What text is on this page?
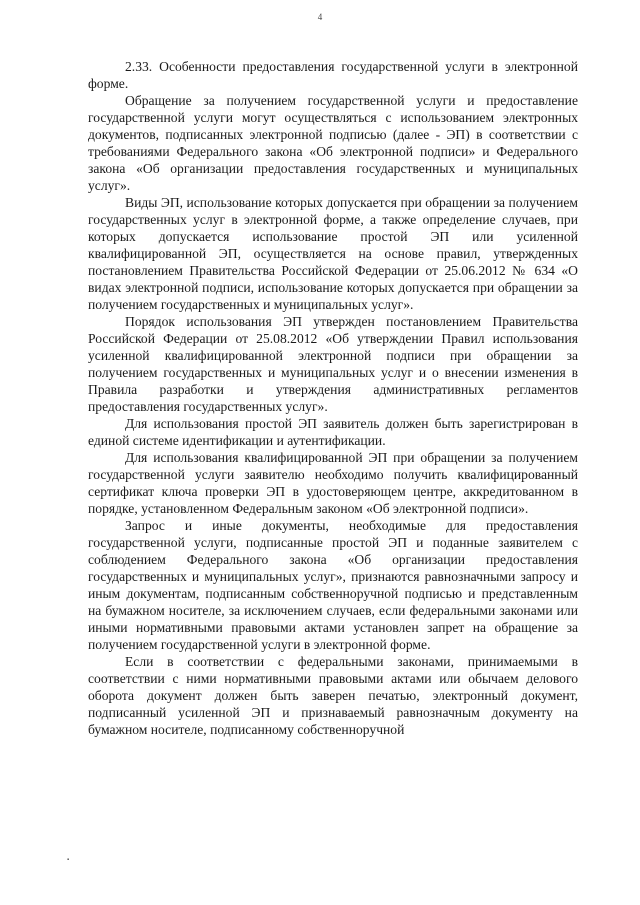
4

2.33. Особенности предоставления государственной услуги в электронной форме.

Обращение за получением государственной услуги и предоставление государственной услуги могут осуществляться с использованием электронных документов, подписанных электронной подписью (далее - ЭП) в соответствии с требованиями Федерального закона «Об электронной подписи» и Федерального закона «Об организации предоставления государственных и муниципальных услуг».

Виды ЭП, использование которых допускается при обращении за получением государственных услуг в электронной форме, а также определение случаев, при которых допускается использование простой ЭП или усиленной квалифицированной ЭП, осуществляется на основе правил, утвержденных постановлением Правительства Российской Федерации от 25.06.2012 № 634 «О видах электронной подписи, использование которых допускается при обращении за получением государственных и муниципальных услуг».

Порядок использования ЭП утвержден постановлением Правительства Российской Федерации от 25.08.2012 «Об утверждении Правил использования усиленной квалифицированной электронной подписи при обращении за получением государственных и муниципальных услуг и о внесении изменения в Правила разработки и утверждения административных регламентов предоставления государственных услуг».

Для использования простой ЭП заявитель должен быть зарегистрирован в единой системе идентификации и аутентификации.

Для использования квалифицированной ЭП при обращении за получением государственной услуги заявителю необходимо получить квалифицированный сертификат ключа проверки ЭП в удостоверяющем центре, аккредитованном в порядке, установленном Федеральным законом «Об электронной подписи».

Запрос и иные документы, необходимые для предоставления государственной услуги, подписанные простой ЭП и поданные заявителем с соблюдением Федерального закона «Об организации предоставления государственных и муниципальных услуг», признаются равнозначными запросу и иным документам, подписанным собственноручной подписью и представленным на бумажном носителе, за исключением случаев, если федеральными законами или иными нормативными правовыми актами установлен запрет на обращение за получением государственной услуги в электронной форме.

Если в соответствии с федеральными законами, принимаемыми в соответствии с ними нормативными правовыми актами или обычаем делового оборота документ должен быть заверен печатью, электронный документ, подписанный усиленной ЭП и признаваемый равнозначным документу на бумажном носителе, подписанному собственноручной

▪
